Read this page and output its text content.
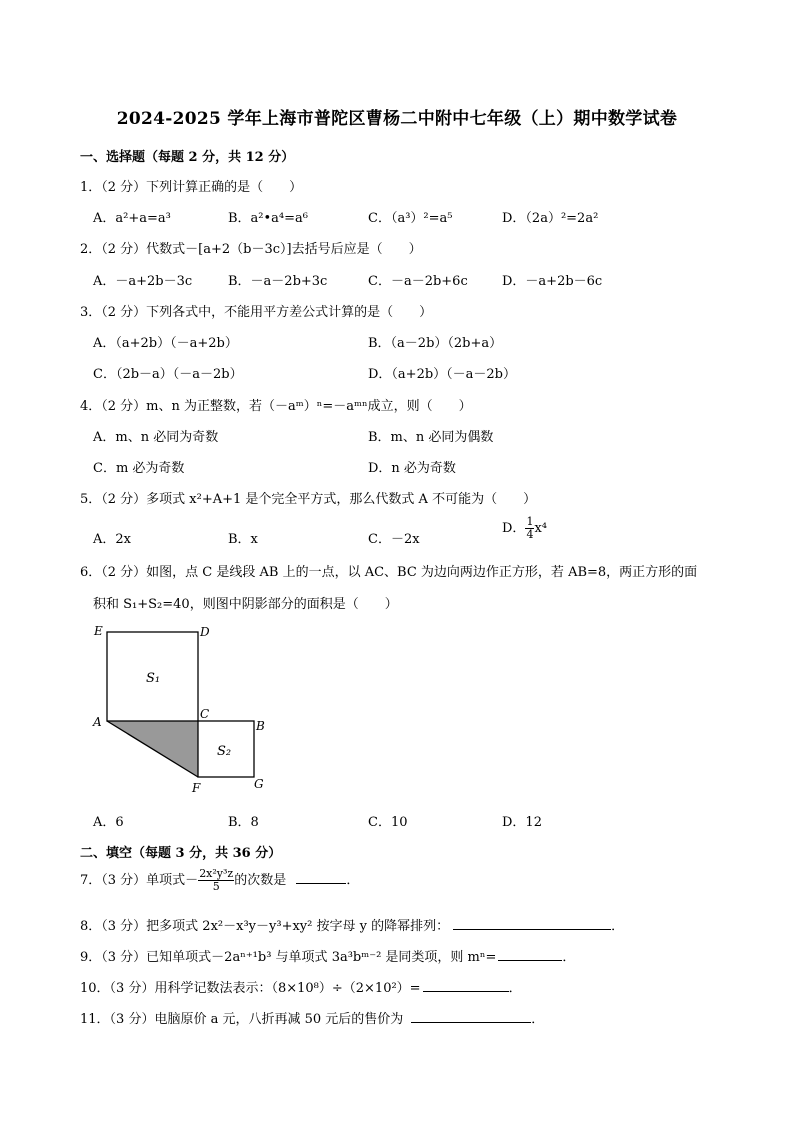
2024-2025 学年上海市普陀区曹杨二中附中七年级（上）期中数学试卷
一、选择题（每题 2 分，共 12 分）
1．（2 分）下列计算正确的是（　　）
A．a²+a=a³	B．a²•a⁴=a⁶	C．（a³）²=a⁵	D．（2a）²=2a²
2．（2 分）代数式－[a+2（b－3c）]去括号后应是（　　）
A．－a+2b－3c	B．－a－2b+3c	C．－a－2b+6c	D．－a+2b－6c
3．（2 分）下列各式中，不能用平方差公式计算的是（　　）
A．（a+2b）（－a+2b）	B．（a－2b）（2b+a）
C．（2b－a）（－a－2b）	D．（a+2b）（－a－2b）
4．（2 分）m、n 为正整数，若（－aᵐ）ⁿ=－aᵐⁿ成立，则（　　）
A．m、n 必同为奇数	B．m、n 必同为偶数
C．m 必为奇数	D．n 必为奇数
5．（2 分）多项式 x²+A+1 是个完全平方式，那么代数式 A 不可能为（　　）
A．2x	B．x	C．－2x
D． $\frac{1}{4} x^4$
6．（2 分）如图，点 C 是线段 AB 上的一点，以 AC、BC 为边向两边作正方形，若 AB=8，两正方形的面
积和 S₁+S₂=40，则图中阴影部分的面积是（　　）
E	D
S₁
A
C
B
S₂
F	G
A．6	B．8	C．10	D．12
二、填空（每题 3 分，共 36 分）
7．（3 分）单项式－ $\frac{\text{2x²y³z}}{5}$ 的次数是	．
8．（3 分）把多项式 2x²－x³y－y³+xy² 按字母 y 的降幂排列：	．
9．（3 分）已知单项式－2aⁿ⁺¹b³ 与单项式 3a³bᵐ⁻² 是同类项，则 mⁿ=	．
10．（3 分）用科学记数法表示：（8×10⁸）÷（2×10²）=	．
11．（3 分）电脑原价 a 元，八折再减 50 元后的售价为	．
